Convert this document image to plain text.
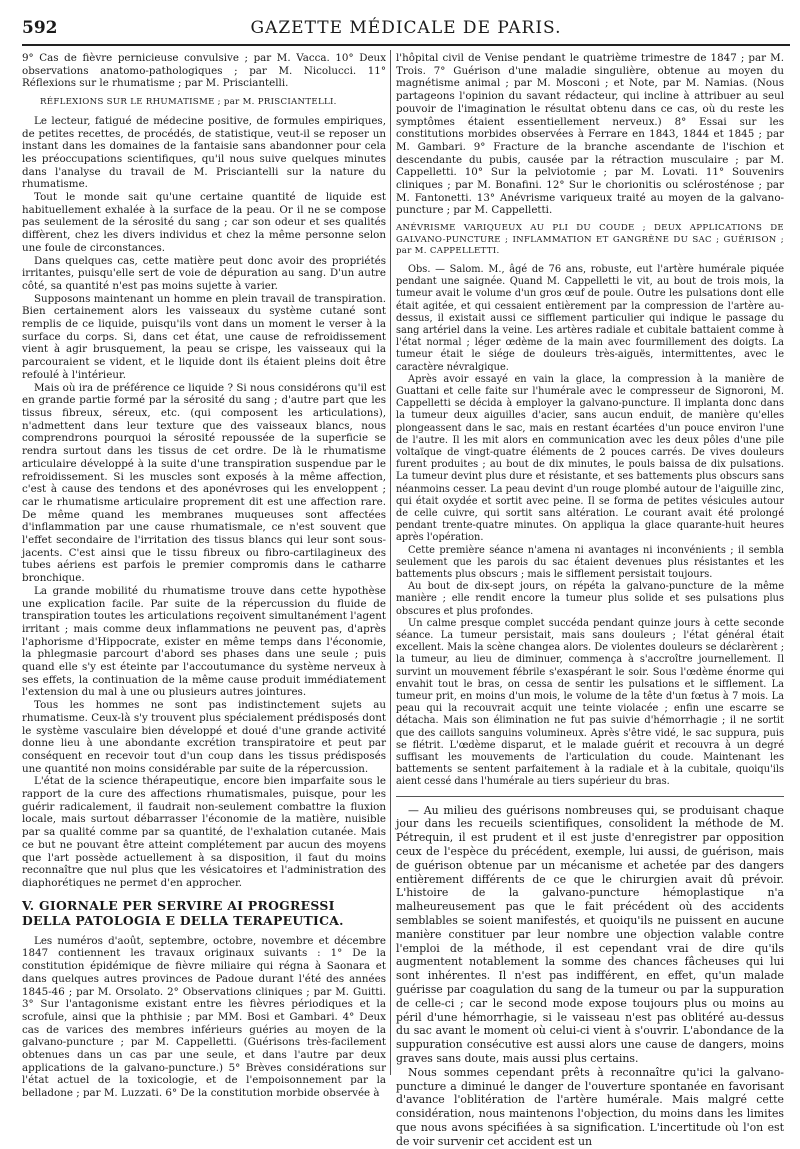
592	GAZETTE MÉDICALE DE PARIS.

9° Cas de fièvre pernicieuse convulsive ; par M. Vacca. 10° Deux observations anatomo-pathologiques ; par M. Nicolucci. 11° Réflexions sur le rhumatisme ; par M. Prisciantelli.

RÉFLEXIONS SUR LE RHUMATISME ; par M. PRISCIANTELLI.

Le lecteur, fatigué de médecine positive, de formules empiriques, de petites recettes, de procédés, de statistique, veut-il se reposer un instant dans les domaines de la fantaisie sans abandonner pour cela les préoccupations scientifiques, qu'il nous suive quelques minutes dans l'analyse du travail de M. Prisciantelli sur la nature du rhumatisme.

Tout le monde sait qu'une certaine quantité de liquide est habituellement exhalée à la surface de la peau. Or il ne se compose pas seulement de la sérosité du sang ; car son odeur et ses qualités diffèrent, chez les divers individus et chez la même personne selon une foule de circonstances.

Dans quelques cas, cette matière peut donc avoir des propriétés irritantes, puisqu'elle sert de voie de dépuration au sang. D'un autre côté, sa quantité n'est pas moins sujette à varier.

Supposons maintenant un homme en plein travail de transpiration. Bien certainement alors les vaisseaux du système cutané sont remplis de ce liquide, puisqu'ils vont dans un moment le verser à la surface du corps. Si, dans cet état, une cause de refroidissement vient à agir brusquement, la peau se crispe, les vaisseaux qui la parcouraient se vident, et le liquide dont ils étaient pleins doit être refoulé à l'intérieur.

Mais où ira de préférence ce liquide ? Si nous considérons qu'il est en grande partie formé par la sérosité du sang ; d'autre part que les tissus fibreux, séreux, etc. (qui composent les articulations), n'admettent dans leur texture que des vaisseaux blancs, nous comprendrons pourquoi la sérosité repoussée de la superficie se rendra surtout dans les tissus de cet ordre. De là le rhumatisme articulaire développé à la suite d'une transpiration suspendue par le refroidissement. Si les muscles sont exposés à la même affection, c'est à cause des tendons et des aponévroses qui les enveloppent ; car le rhumatisme articulaire proprement dit est une affection rare. De même quand les membranes muqueuses sont affectées d'inflammation par une cause rhumatismale, ce n'est souvent que l'effet secondaire de l'irritation des tissus blancs qui leur sont sous-jacents. C'est ainsi que le tissu fibreux ou fibro-cartilagineux des tubes aériens est parfois le premier compromis dans le catharre bronchique.

La grande mobilité du rhumatisme trouve dans cette hypothèse une explication facile. Par suite de la répercussion du fluide de transpiration toutes les articulations reçoivent simultanément l'agent irritant ; mais comme deux inflammations ne peuvent pas, d'après l'aphorisme d'Hippocrate, exister en même temps dans l'économie, la phlegmasie parcourt d'abord ses phases dans une seule ; puis quand elle s'y est éteinte par l'accoutumance du système nerveux à ses effets, la continuation de la même cause produit immédiatement l'extension du mal à une ou plusieurs autres jointures.

Tous les hommes ne sont pas indistinctement sujets au rhumatisme. Ceux-là s'y trouvent plus spécialement prédisposés dont le système vasculaire bien développé et doué d'une grande activité donne lieu à une abondante excrétion transpiratoire et peut par conséquent en recevoir tout d'un coup dans les tissus prédisposés une quantité non moins considérable par suite de la répercussion.

L'état de la science thérapeutique, encore bien imparfaite sous le rapport de la cure des affections rhumatismales, puisque, pour les guérir radicalement, il faudrait non-seulement combattre la fluxion locale, mais surtout débarrasser l'économie de la matière, nuisible par sa qualité comme par sa quantité, de l'exhalation cutanée. Mais ce but ne pouvant être atteint complétement par aucun des moyens que l'art possède actuellement à sa disposition, il faut du moins reconnaître que nul plus que les vésicatoires et l'administration des diaphorétiques ne permet d'en approcher.

V. GIORNALE PER SERVIRE AI PROGRESSI DELLA PATOLOGIA E DELLA TERAPEUTICA.

Les numéros d'août, septembre, octobre, novembre et décembre 1847 contiennent les travaux originaux suivants : 1° De la constitution épidémique de fièvre miliaire qui régna à Saonara et dans quelques autres provinces de Padoue durant l'été des années 1845-46 ; par M. Orsolato. 2° Observations cliniques ; par M. Guitti. 3° Sur l'antagonisme existant entre les fièvres périodiques et la scrofule, ainsi que la phthisie ; par MM. Bosi et Gambari. 4° Deux cas de varices des membres inférieurs guéries au moyen de la galvano-puncture ; par M. Cappelletti. (Guérisons très-facilement obtenues dans un cas par une seule, et dans l'autre par deux applications de la galvano-puncture.) 5° Brèves considérations sur l'état actuel de la toxicologie, et de l'empoisonnement par la belladone ; par M. Luzzati. 6° De la constitution morbide observée à

l'hôpital civil de Venise pendant le quatrième trimestre de 1847 ; par M. Trois. 7° Guérison d'une maladie singulière, obtenue au moyen du magnétisme animal ; par M. Mosconi ; et Note, par M. Namias. (Nous partageons l'opinion du savant rédacteur, qui incline à attribuer au seul pouvoir de l'imagination le résultat obtenu dans ce cas, où du reste les symptômes étaient essentiellement nerveux.) 8° Essai sur les constitutions morbides observées à Ferrare en 1843, 1844 et 1845 ; par M. Gambari. 9° Fracture de la branche ascendante de l'ischion et descendante du pubis, causée par la rétraction musculaire ; par M. Cappelletti. 10° Sur la pelviotomie ; par M. Lovati. 11° Souvenirs cliniques ; par M. Bonafini. 12° Sur le chorionitis ou sclérosténose ; par M. Fantonetti. 13° Anévrisme variqueux traité au moyen de la galvano-puncture ; par M. Cappelletti.

ANÉVRISME VARIQUEUX AU PLI DU COUDE ; DEUX APPLICATIONS DE GALVANO-PUNCTURE ; INFLAMMATION ET GANGRÈNE DU SAC ; GUÉRISON ; par M. CAPPELLETTI.

Obs. — Salom. M., âgé de 76 ans, robuste, eut l'artère humérale piquée pendant une saignée. Quand M. Cappelletti le vit, au bout de trois mois, la tumeur avait le volume d'un gros œuf de poule. Outre les pulsations dont elle était agitée, et qui cessaient entièrement par la compression de l'artère au-dessus, il existait aussi ce sifflement particulier qui indique le passage du sang artériel dans la veine. Les artères radiale et cubitale battaient comme à l'état normal ; léger œdème de la main avec fourmillement des doigts. La tumeur était le siége de douleurs très-aiguës, intermittentes, avec le caractère névralgique.

Après avoir essayé en vain la glace, la compression à la manière de Guattani et celle faite sur l'humérale avec le compresseur de Signoroni, M. Cappelletti se décida à employer la galvano-puncture. Il implanta donc dans la tumeur deux aiguilles d'acier, sans aucun enduit, de manière qu'elles plongeassent dans le sac, mais en restant écartées d'un pouce environ l'une de l'autre. Il les mit alors en communication avec les deux pôles d'une pile voltaïque de vingt-quatre éléments de 2 pouces carrés. De vives douleurs furent produites ; au bout de dix minutes, le pouls baissa de dix pulsations. La tumeur devint plus dure et résistante, et ses battements plus obscurs sans néanmoins cesser. La peau devint d'un rouge plombé autour de l'aiguille zinc, qui était oxydée et sortit avec peine. Il se forma de petites vésicules autour de celle cuivre, qui sortit sans altération. Le courant avait été prolongé pendant trente-quatre minutes. On appliqua la glace quarante-huit heures après l'opération.

Cette première séance n'amena ni avantages ni inconvénients ; il sembla seulement que les parois du sac étaient devenues plus résistantes et les battements plus obscurs ; mais le sifflement persistait toujours.

Au bout de dix-sept jours, on répéta la galvano-puncture de la même manière ; elle rendit encore la tumeur plus solide et ses pulsations plus obscures et plus profondes.

Un calme presque complet succéda pendant quinze jours à cette seconde séance. La tumeur persistait, mais sans douleurs ; l'état général était excellent. Mais la scène changea alors. De violentes douleurs se déclarèrent ; la tumeur, au lieu de diminuer, commença à s'accroître journellement. Il survint un mouvement fébrile s'exaspérant le soir. Sous l'œdème énorme qui envahit tout le bras, on cessa de sentir les pulsations et le sifflement. La tumeur prit, en moins d'un mois, le volume de la tête d'un fœtus à 7 mois. La peau qui la recouvrait acquit une teinte violacée ; enfin une escarre se détacha. Mais son élimination ne fut pas suivie d'hémorrhagie ; il ne sortit que des caillots sanguins volumineux. Après s'être vidé, le sac suppura, puis se flétrit. L'œdème disparut, et le malade guérit et recouvra à un degré suffisant les mouvements de l'articulation du coude. Maintenant les battements se sentent parfaitement à la radiale et à la cubitale, quoiqu'ils aient cessé dans l'humérale au tiers supérieur du bras.

— Au milieu des guérisons nombreuses qui, se produisant chaque jour dans les recueils scientifiques, consolident la méthode de M. Pétrequin, il est prudent et il est juste d'enregistrer par opposition ceux de l'espèce du précédent, exemple, lui aussi, de guérison, mais de guérison obtenue par un mécanisme et achetée par des dangers entièrement différents de ce que le chirurgien avait dû prévoir. L'histoire de la galvano-puncture hémoplastique n'a malheureusement pas que le fait précédent où des accidents semblables se soient manifestés, et quoiqu'ils ne puissent en aucune manière constituer par leur nombre une objection valable contre l'emploi de la méthode, il est cependant vrai de dire qu'ils augmentent notablement la somme des chances fâcheuses qui lui sont inhérentes. Il n'est pas indifférent, en effet, qu'un malade guérisse par coagulation du sang de la tumeur ou par la suppuration de celle-ci ; car le second mode expose toujours plus ou moins au péril d'une hémorrhagie, si le vaisseau n'est pas oblitéré au-dessus du sac avant le moment où celui-ci vient à s'ouvrir. L'abondance de la suppuration consécutive est aussi alors une cause de dangers, moins graves sans doute, mais aussi plus certains.

Nous sommes cependant prêts à reconnaître qu'ici la galvano-puncture a diminué le danger de l'ouverture spontanée en favorisant d'avance l'oblitération de l'artère humérale. Mais malgré cette considération, nous maintenons l'objection, du moins dans les limites que nous avons spécifiées à sa signification. L'incertitude où l'on est de voir survenir cet accident est un
